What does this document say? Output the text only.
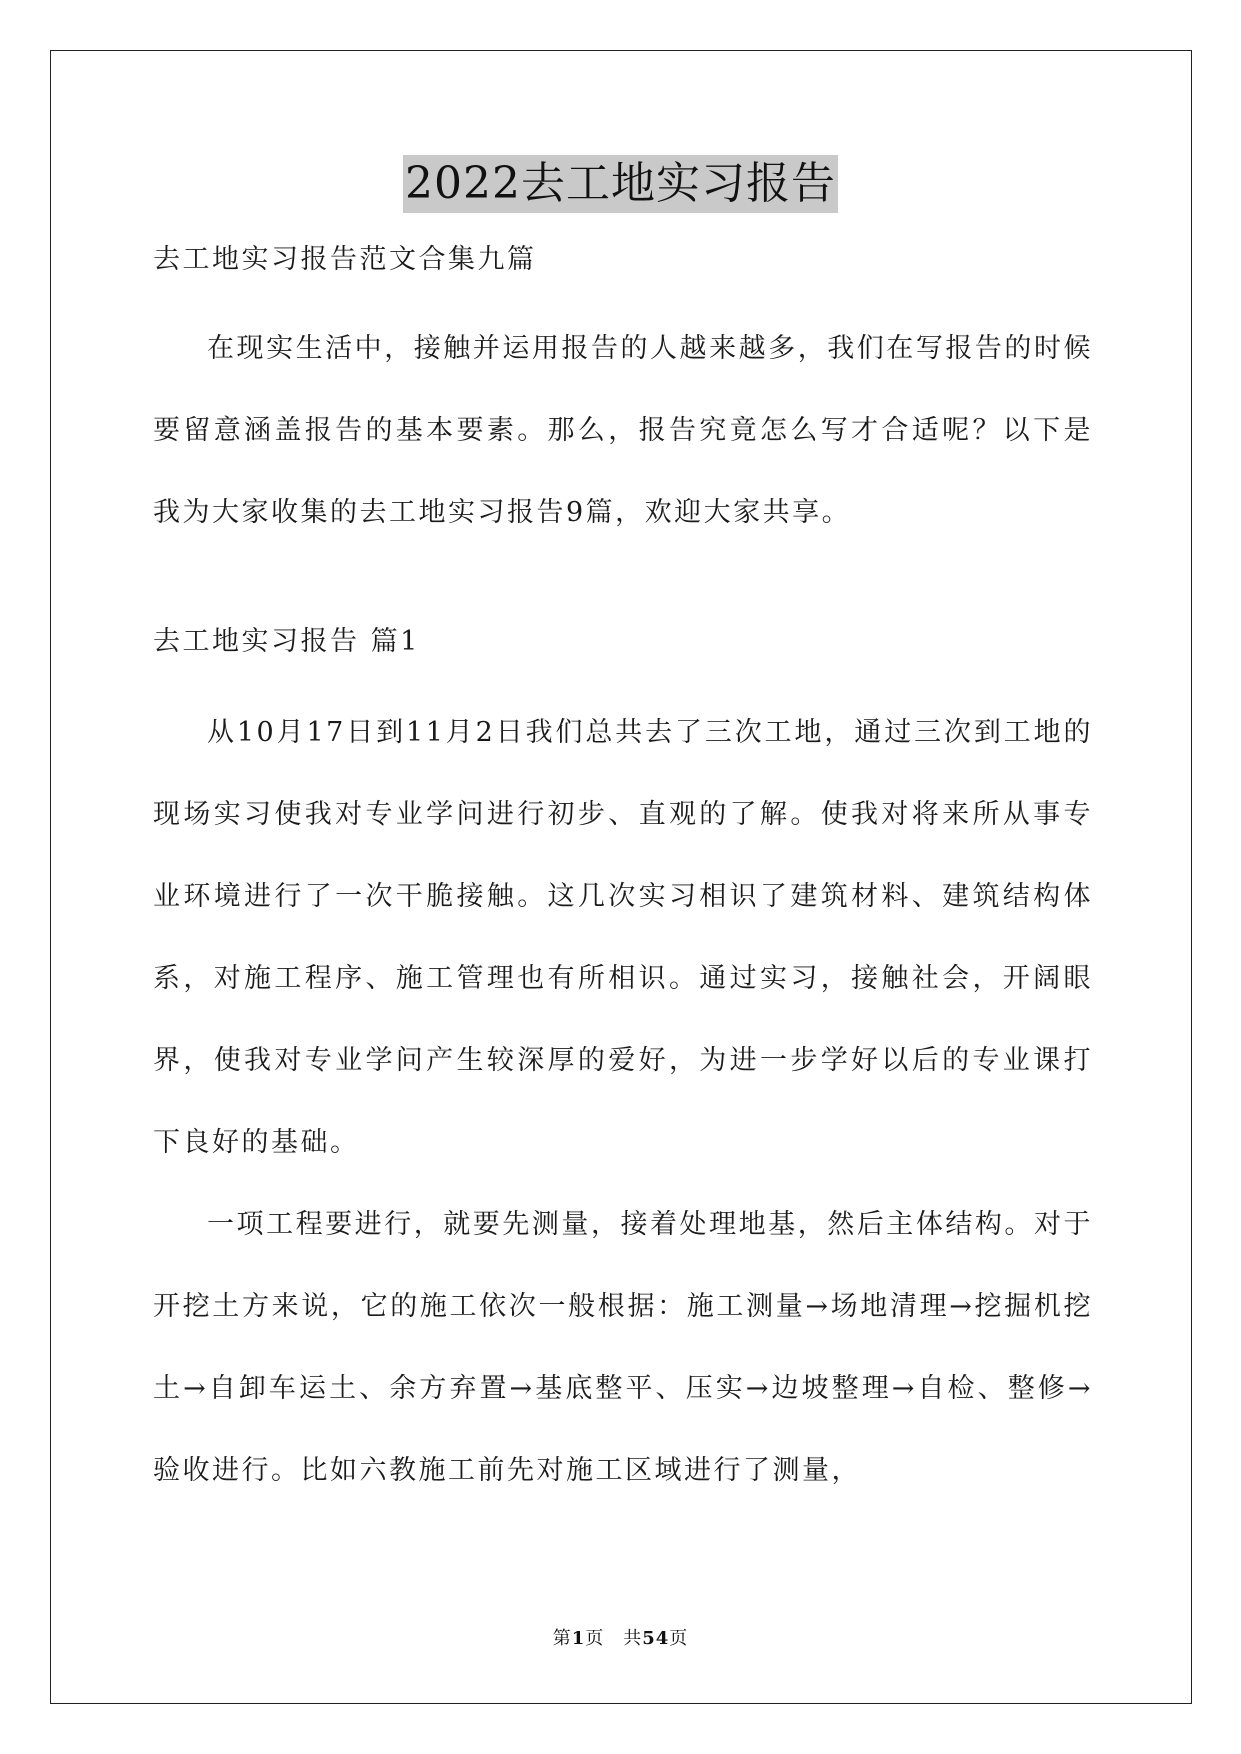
2022去工地实习报告
去工地实习报告范文合集九篇

在现实生活中，接触并运用报告的人越来越多，我们在写报告的时候要留意涵盖报告的基本要素。那么，报告究竟怎么写才合适呢？以下是我为大家收集的去工地实习报告9篇，欢迎大家共享。

去工地实习报告 篇1

从10月17日到11月2日我们总共去了三次工地，通过三次到工地的现场实习使我对专业学问进行初步、直观的了解。使我对将来所从事专业环境进行了一次干脆接触。这几次实习相识了建筑材料、建筑结构体系，对施工程序、施工管理也有所相识。通过实习，接触社会，开阔眼界，使我对专业学问产生较深厚的爱好，为进一步学好以后的专业课打下良好的基础。

一项工程要进行，就要先测量，接着处理地基，然后主体结构。对于开挖土方来说，它的施工依次一般根据：施工测量→场地清理→挖掘机挖土→自卸车运土、余方弃置→基底整平、压实→边坡整理→自检、整修→验收进行。比如六教施工前先对施工区域进行了测量，

第1页　共54页
